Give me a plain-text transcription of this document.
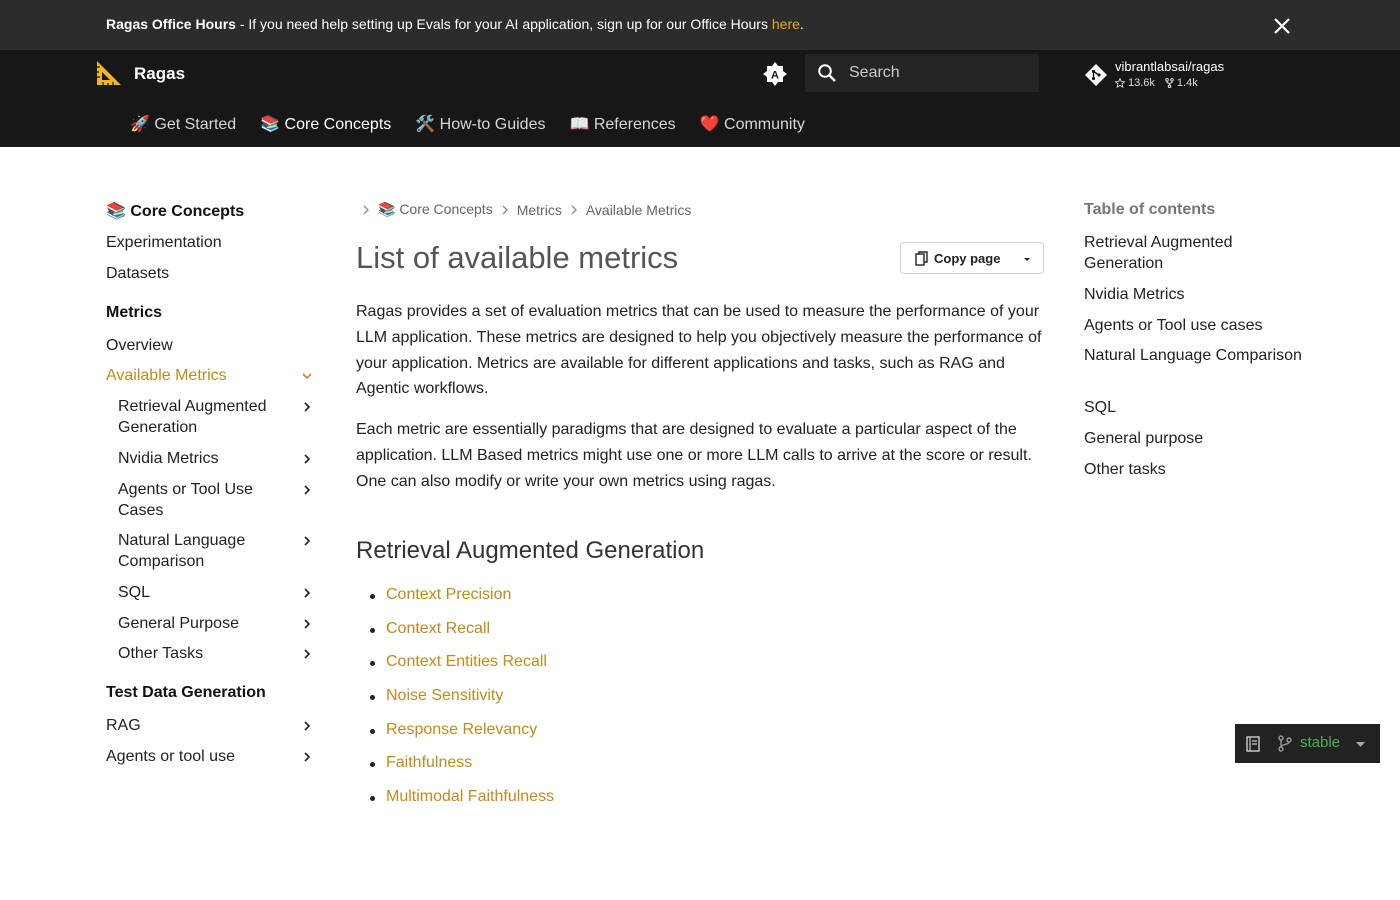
Ragas Office Hours - If you need help setting up Evals for your AI application, sign up for our Office Hours here.
Ragas	A
Search
vibrantlabsai/ragas
13.6k 1.4k
🚀 Get Started 📚 Core Concepts 🛠️ How-to Guides 📖 References ❤️ Community
📚 Core Concepts
Experimentation
Datasets
Metrics
Overview
Available Metrics
Retrieval Augmented Generation
Nvidia Metrics
Agents or Tool Use Cases
Natural Language Comparison
SQL
General Purpose
Other Tasks
Test Data Generation
RAG
Agents or tool use
📚 Core Concepts Metrics Available Metrics
List of available metrics	Copy page

Ragas provides a set of evaluation metrics that can be used to measure the performance of your LLM application. These metrics are designed to help you objectively measure the performance of your application. Metrics are available for different applications and tasks, such as RAG and Agentic workflows.

Each metric are essentially paradigms that are designed to evaluate a particular aspect of the application. LLM Based metrics might use one or more LLM calls to arrive at the score or result. One can also modify or write your own metrics using ragas.

Retrieval Augmented Generation
Context Precision
Context Recall
Context Entities Recall
Noise Sensitivity
Response Relevancy
Faithfulness
Multimodal Faithfulness
Table of contents
Retrieval Augmented Generation
Nvidia Metrics
Agents or Tool use cases
Natural Language Comparison
SQL
General purpose
Other tasks
stable
